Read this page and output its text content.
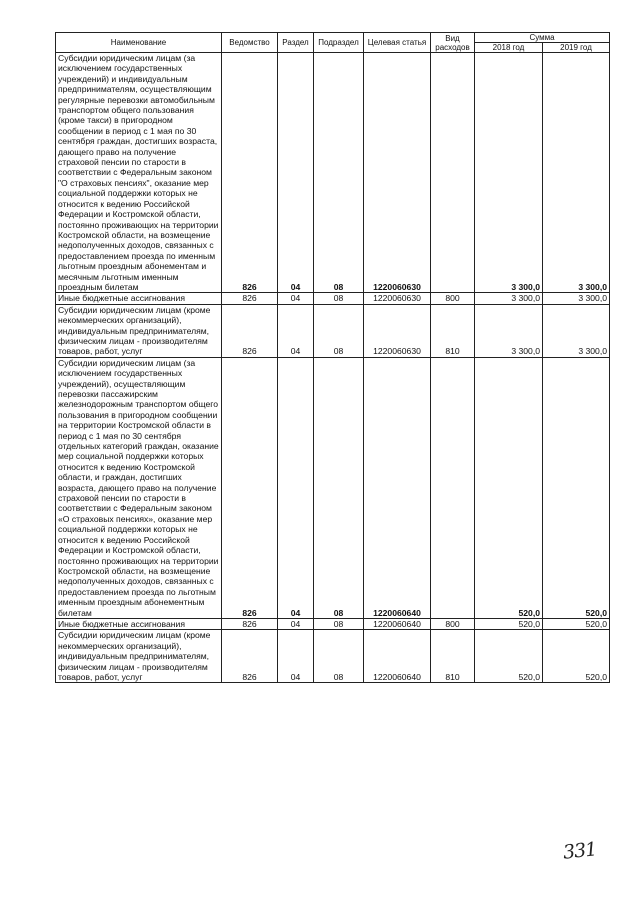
Наименование	Ведомство	Раздел	Подраздел	Целевая статья	Вид расходов	Сумма	
						2018 год	2019 год
Субсидии юридическим лицам (за исключением государственных учреждений) и индивидуальным предпринимателям, осуществляющим регулярные перевозки автомобильным транспортом общего пользования (кроме такси) в пригородном сообщении в период с 1 мая по 30 сентября граждан, достигших возраста, дающего право на получение страховой пенсии по старости в соответствии с Федеральным законом "О страховых пенсиях", оказание мер социальной поддержки которых не относится к ведению Российской Федерации и Костромской области, постоянно проживающих на территории Костромской области, на возмещение недополученных доходов, связанных с предоставлением проезда по именным льготным проездным абонементам и месячным льготным именным проездным билетам	826	04	08	1220060630		3 300,0	3 300,0
Иные бюджетные ассигнования	826	04	08	1220060630	800	3 300,0	3 300,0
Субсидии юридическим лицам (кроме некоммерческих организаций), индивидуальным предпринимателям, физическим лицам - производителям товаров, работ, услуг	826	04	08	1220060630	810	3 300,0	3 300,0
Субсидии юридическим лицам (за исключением государственных учреждений), осуществляющим перевозки пассажирским железнодорожным транспортом общего пользования в пригородном сообщении на территории Костромской области в период с 1 мая по 30 сентября отдельных категорий граждан, оказание мер социальной поддержки которых относится к ведению Костромской области, и граждан, достигших возраста, дающего право на получение страховой пенсии по старости в соответствии с Федеральным законом «О страховых пенсиях», оказание мер социальной поддержки которых не относится к ведению Российской Федерации и Костромской области, постоянно проживающих на территории Костромской области, на возмещение недополученных доходов, связанных с предоставлением проезда по льготным именным проездным абонементным билетам	826	04	08	1220060640		520,0	520,0
Иные бюджетные ассигнования	826	04	08	1220060640	800	520,0	520,0
Субсидии юридическим лицам (кроме некоммерческих организаций), индивидуальным предпринимателям, физическим лицам - производителям товаров, работ, услуг	826	04	08	1220060640	810	520,0	520,0
331
